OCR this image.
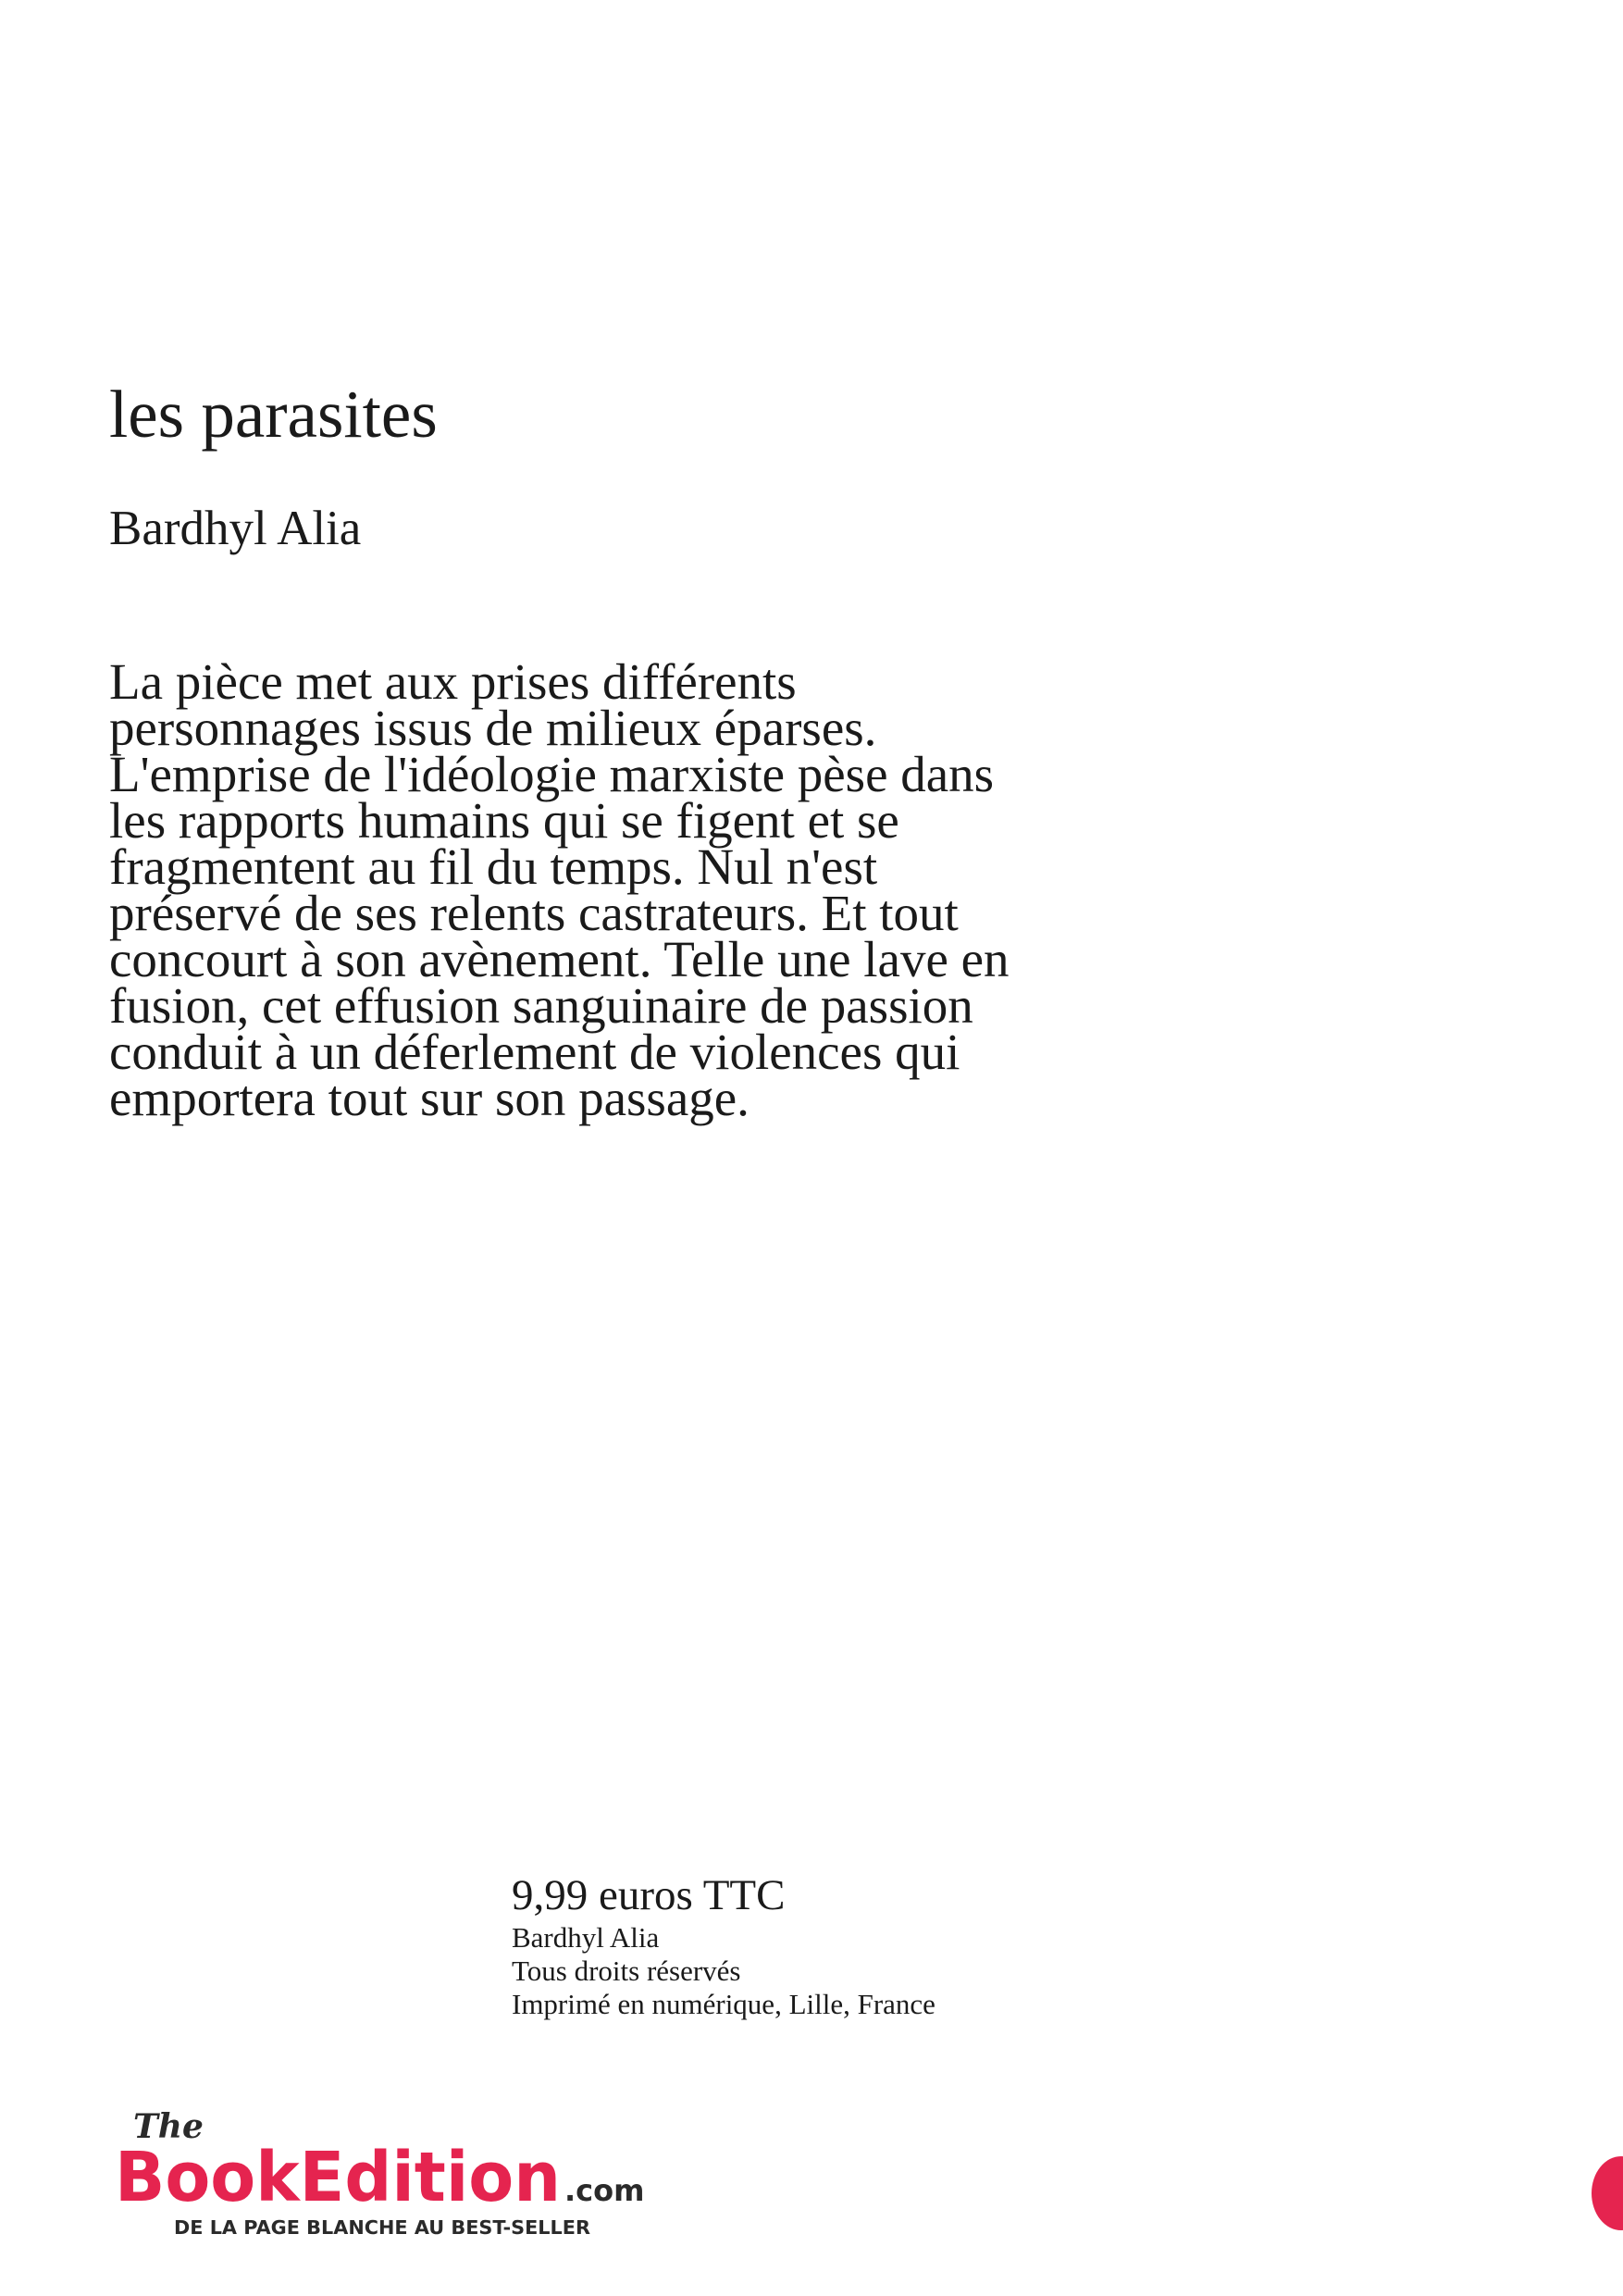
les parasites
Bardhyl Alia
La pièce met aux prises différents
personnages issus de milieux éparses.
L'emprise de l'idéologie marxiste pèse dans
les rapports humains qui se figent et se
fragmentent au fil du temps. Nul n'est
préservé de ses relents castrateurs. Et tout
concourt à son avènement. Telle une lave en
fusion, cet effusion sanguinaire de passion
conduit à un déferlement de violences qui
emportera tout sur son passage.
9,99 euros TTC
Bardhyl Alia
Tous droits réservés
Imprimé en numérique, Lille, France
The
BookEdition .com
DE LA PAGE BLANCHE AU BEST-SELLER
